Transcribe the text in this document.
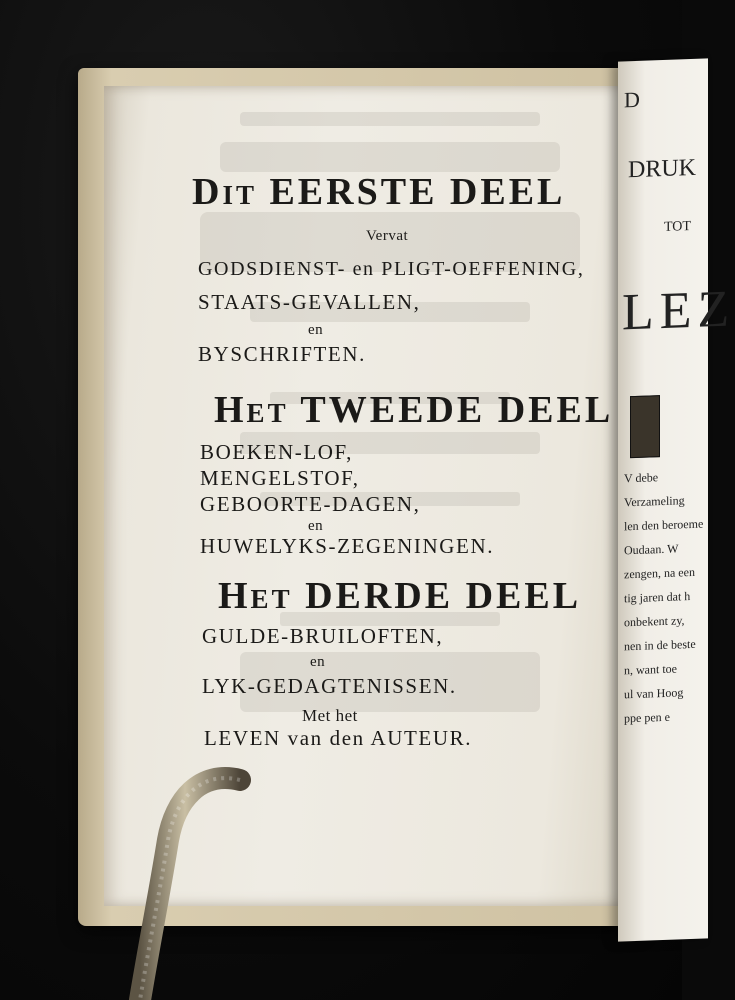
Dit EERSTE DEEL
Vervat
GODSDIENST- en PLIGT-OEFFENING,
STAATS-GEVALLEN,
en
BYSCHRIFTEN.
Het TWEEDE DEEL
BOEKEN-LOF,
MENGELSTOF,
GEBOORTE-DAGEN,
en
HUWELYKS-ZEGENINGEN.
Het DERDE DEEL
GULDE-BRUILOFTEN,
en
LYK-GEDAGTENISSEN.
Met het
LEVEN van den AUTEUR.
D
DRUK
TOT
LEZ
V debe
Verzameling
len den beroeme
Oudaan. W
zengen, na een
tig jaren dat h
onbekent zy,
nen in de beste
n, want toe
ul van Hoog
ppe pen e
